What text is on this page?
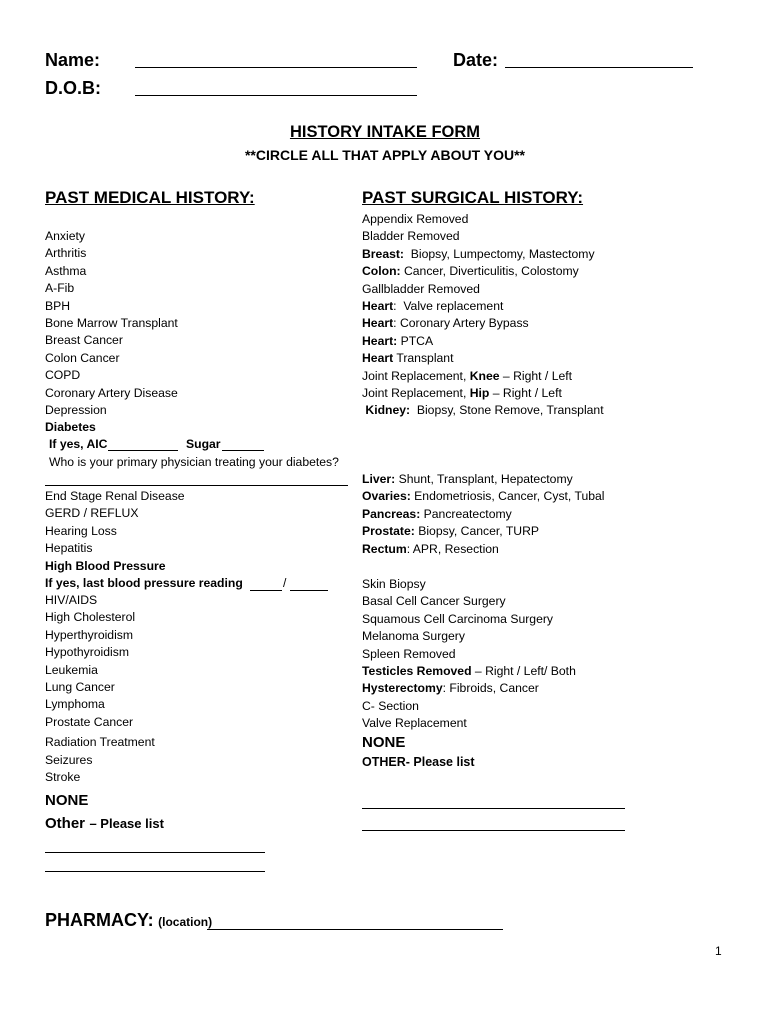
Name:
D.O.B:
Date:
HISTORY INTAKE FORM
**CIRCLE ALL THAT APPLY ABOUT YOU**
PAST MEDICAL HISTORY:	PAST SURGICAL HISTORY:
Anxiety
Arthritis
Asthma
A-Fib
BPH
Bone Marrow Transplant
Breast Cancer
Colon Cancer
COPD
Coronary Artery Disease
Depression
Diabetes
If yes, AIC	Sugar
Who is your primary physician treating your diabetes?
End Stage Renal Disease
GERD / REFLUX
Hearing Loss
Hepatitis
High Blood Pressure
If yes, last blood pressure reading	/
HIV/AIDS
High Cholesterol
Hyperthyroidism
Hypothyroidism
Leukemia
Lung Cancer
Lymphoma
Prostate Cancer
Radiation Treatment
Seizures
Stroke
NONE
Other – Please list
Appendix Removed
Bladder Removed
Breast:  Biopsy, Lumpectomy, Mastectomy
Colon: Cancer, Diverticulitis, Colostomy
Gallbladder Removed
Heart:  Valve replacement
Heart: Coronary Artery Bypass
Heart: PTCA
Heart Transplant
Joint Replacement, Knee – Right / Left
Joint Replacement, Hip – Right / Left
Kidney:  Biopsy, Stone Remove, Transplant
Liver: Shunt, Transplant, Hepatectomy
Ovaries: Endometriosis, Cancer, Cyst, Tubal
Pancreas: Pancreatectomy
Prostate: Biopsy, Cancer, TURP
Rectum: APR, Resection
Skin Biopsy
Basal Cell Cancer Surgery
Squamous Cell Carcinoma Surgery
Melanoma Surgery
Spleen Removed
Testicles Removed – Right / Left/ Both
Hysterectomy: Fibroids, Cancer
C- Section
Valve Replacement
NONE
OTHER- Please list
PHARMACY: (location)
1
